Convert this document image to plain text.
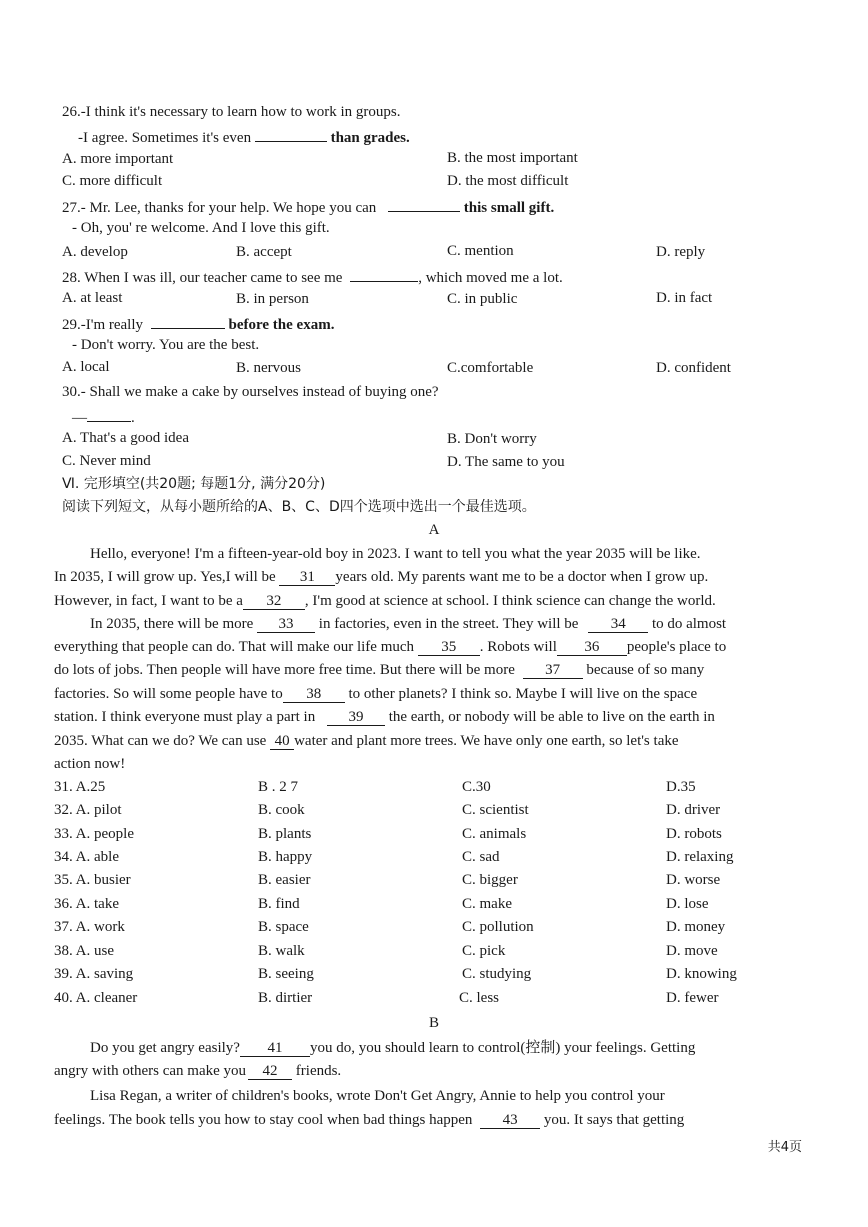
26.-I think it's necessary to learn how to work in groups.
-I agree. Sometimes it's even	than grades.
A. more important	B. the most important
C. more difficult	D. the most difficult
27.- Mr. Lee, thanks for your help. We hope you can	this small gift.
- Oh, you' re welcome. And I love this gift.
A. develop	B. accept	C. mention	D. reply
28. When I was ill, our teacher came to see me	, which moved me a lot.
A. at least	B. in person	C. in public	D. in fact
29.-I'm really	before the exam.
- Don't worry. You are the best.
A. local	B. nervous	C.comfortable	D. confident
30.- Shall we make a cake by ourselves instead of buying one?
—	.
A. That's a good idea	B. Don't worry
C. Never mind	D. The same to you
Ⅵ. 完形填空(共20题; 每题1分, 满分20分)
阅读下列短文，从每小题所给的A、B、C、D四个选项中选出一个最佳选项。
A
Hello, everyone! I'm a fifteen-year-old boy in 2023. I want to tell you what the year 2035 will be like.
In 2035, I will grow up. Yes,I will be 31 years old. My parents want me to be a doctor when I grow up.
However, in fact, I want to be a 32 , I'm good at science at school. I think science can change the world.
In 2035, there will be more 33 in factories, even in the street. They will be 34 to do almost
everything that people can do. That will make our life much 35 . Robots will 36 people's place to
do lots of jobs. Then people will have more free time. But there will be more 37 because of so many
factories. So will some people have to 38 to other planets? I think so. Maybe I will live on the space
station. I think everyone must play a part in 39 the earth, or nobody will be able to live on the earth in
2035. What can we do? We can use 40 water and plant more trees. We have only one earth, so let's take
action now!
31. A.25	B . 2 7	C.30	D.35
32. A. pilot	B. cook	C. scientist	D. driver
33. A. people	B. plants	C. animals	D. robots
34. A. able	B. happy	C. sad	D. relaxing
35. A. busier	B. easier	C. bigger	D. worse
36. A. take	B. find	C. make	D. lose
37. A. work	B. space	C. pollution	D. money
38. A. use	B. walk	C. pick	D. move
39. A. saving	B. seeing	C. studying	D. knowing
40. A. cleaner	B. dirtier	C. less	D. fewer
B
Do you get angry easily? 41 you do, you should learn to control(控制) your feelings. Getting
angry with others can make you 42 friends.
Lisa Regan, a writer of children's books, wrote Don't Get Angry, Annie to help you control your
feelings. The book tells you how to stay cool when bad things happen 43 you. It says that getting
共4页
